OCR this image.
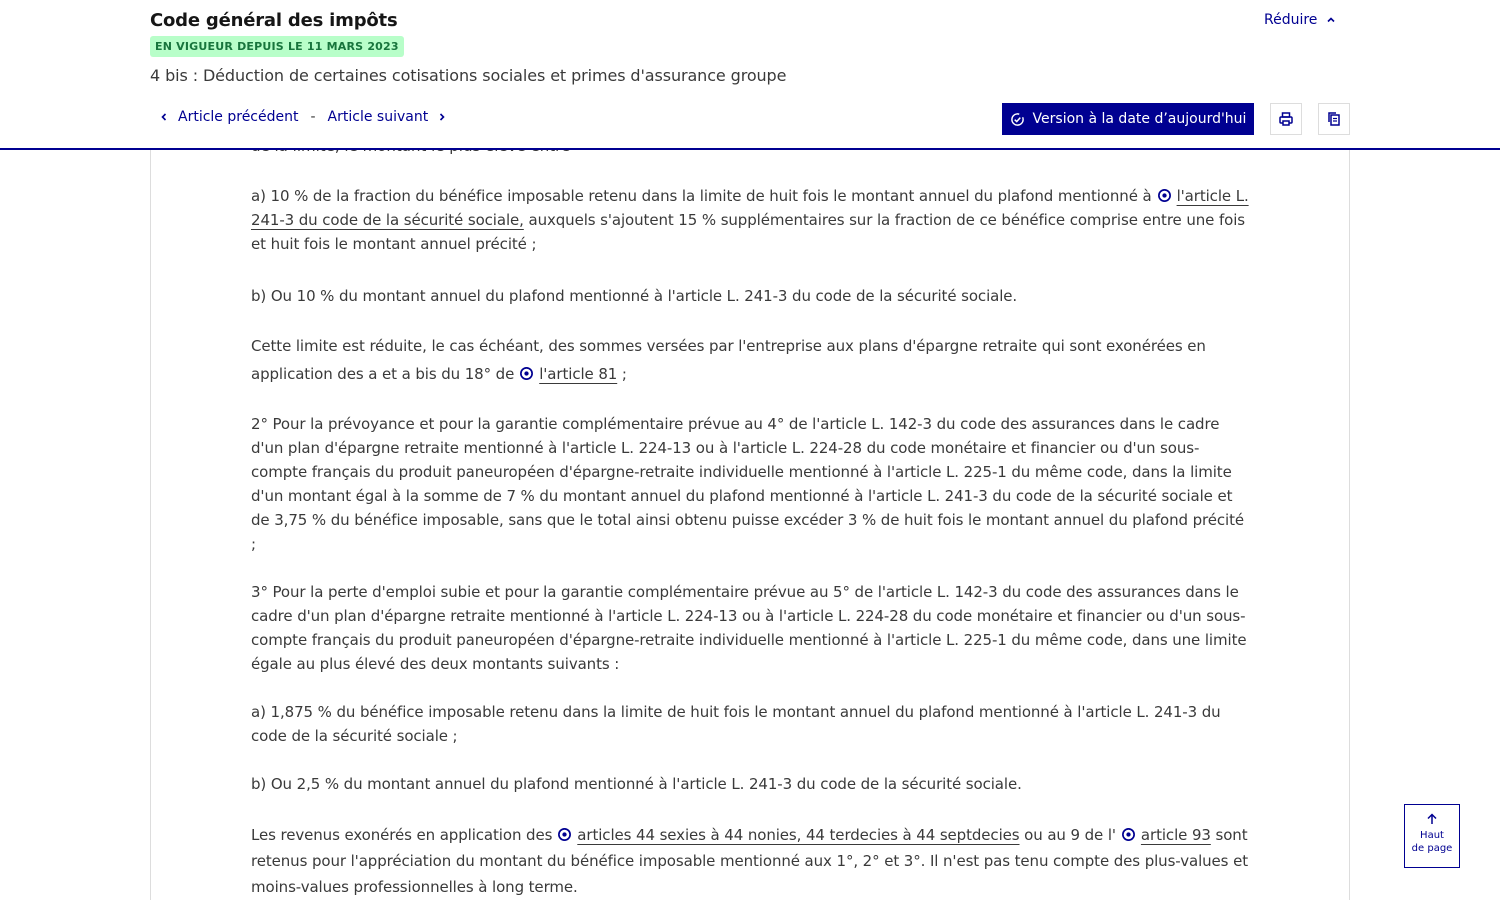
a) 10 % de la fraction du bénéfice imposable retenu dans la limite de huit fois le montant annuel du plafond mentionné à l'article L. 241-3 du code de la sécurité sociale, auxquels s'ajoutent 15 % supplémentaires sur la fraction de ce bénéfice comprise entre une fois et huit fois le montant annuel précité ;

b) Ou 10 % du montant annuel du plafond mentionné à l'article L. 241-3 du code de la sécurité sociale.

Cette limite est réduite, le cas échéant, des sommes versées par l'entreprise aux plans d'épargne retraite qui sont exonérées en application des a et a bis du 18° de l'article 81 ;

2° Pour la prévoyance et pour la garantie complémentaire prévue au 4° de l'article L. 142-3 du code des assurances dans le cadre d'un plan d'épargne retraite mentionné à l'article L. 224-13 ou à l'article L. 224-28 du code monétaire et financier ou d'un sous-compte français du produit paneuropéen d'épargne-retraite individuelle mentionné à l'article L. 225-1 du même code, dans la limite d'un montant égal à la somme de 7 % du montant annuel du plafond mentionné à l'article L. 241-3 du code de la sécurité sociale et de 3,75 % du bénéfice imposable, sans que le total ainsi obtenu puisse excéder 3 % de huit fois le montant annuel du plafond précité ;

3° Pour la perte d'emploi subie et pour la garantie complémentaire prévue au 5° de l'article L. 142-3 du code des assurances dans le cadre d'un plan d'épargne retraite mentionné à l'article L. 224-13 ou à l'article L. 224-28 du code monétaire et financier ou d'un sous-compte français du produit paneuropéen d'épargne-retraite individuelle mentionné à l'article L. 225-1 du même code, dans une limite égale au plus élevé des deux montants suivants :

a) 1,875 % du bénéfice imposable retenu dans la limite de huit fois le montant annuel du plafond mentionné à l'article L. 241-3 du code de la sécurité sociale ;

b) Ou 2,5 % du montant annuel du plafond mentionné à l'article L. 241-3 du code de la sécurité sociale.

Les revenus exonérés en application des articles 44 sexies à 44 nonies, 44 terdecies à 44 septdecies ou au 9 de l' article 93 sont retenus pour l'appréciation du montant du bénéfice imposable mentionné aux 1°, 2° et 3°. Il n'est pas tenu compte des plus-values et moins-values professionnelles à long terme.

Code général des impôts
EN VIGUEUR DEPUIS LE 11 MARS 2023
4 bis : Déduction de certaines cotisations sociales et primes d'assurance groupe
Réduire
Article précédent - Article suivant	Version à la date d’aujourd'hui
Haut
de page
